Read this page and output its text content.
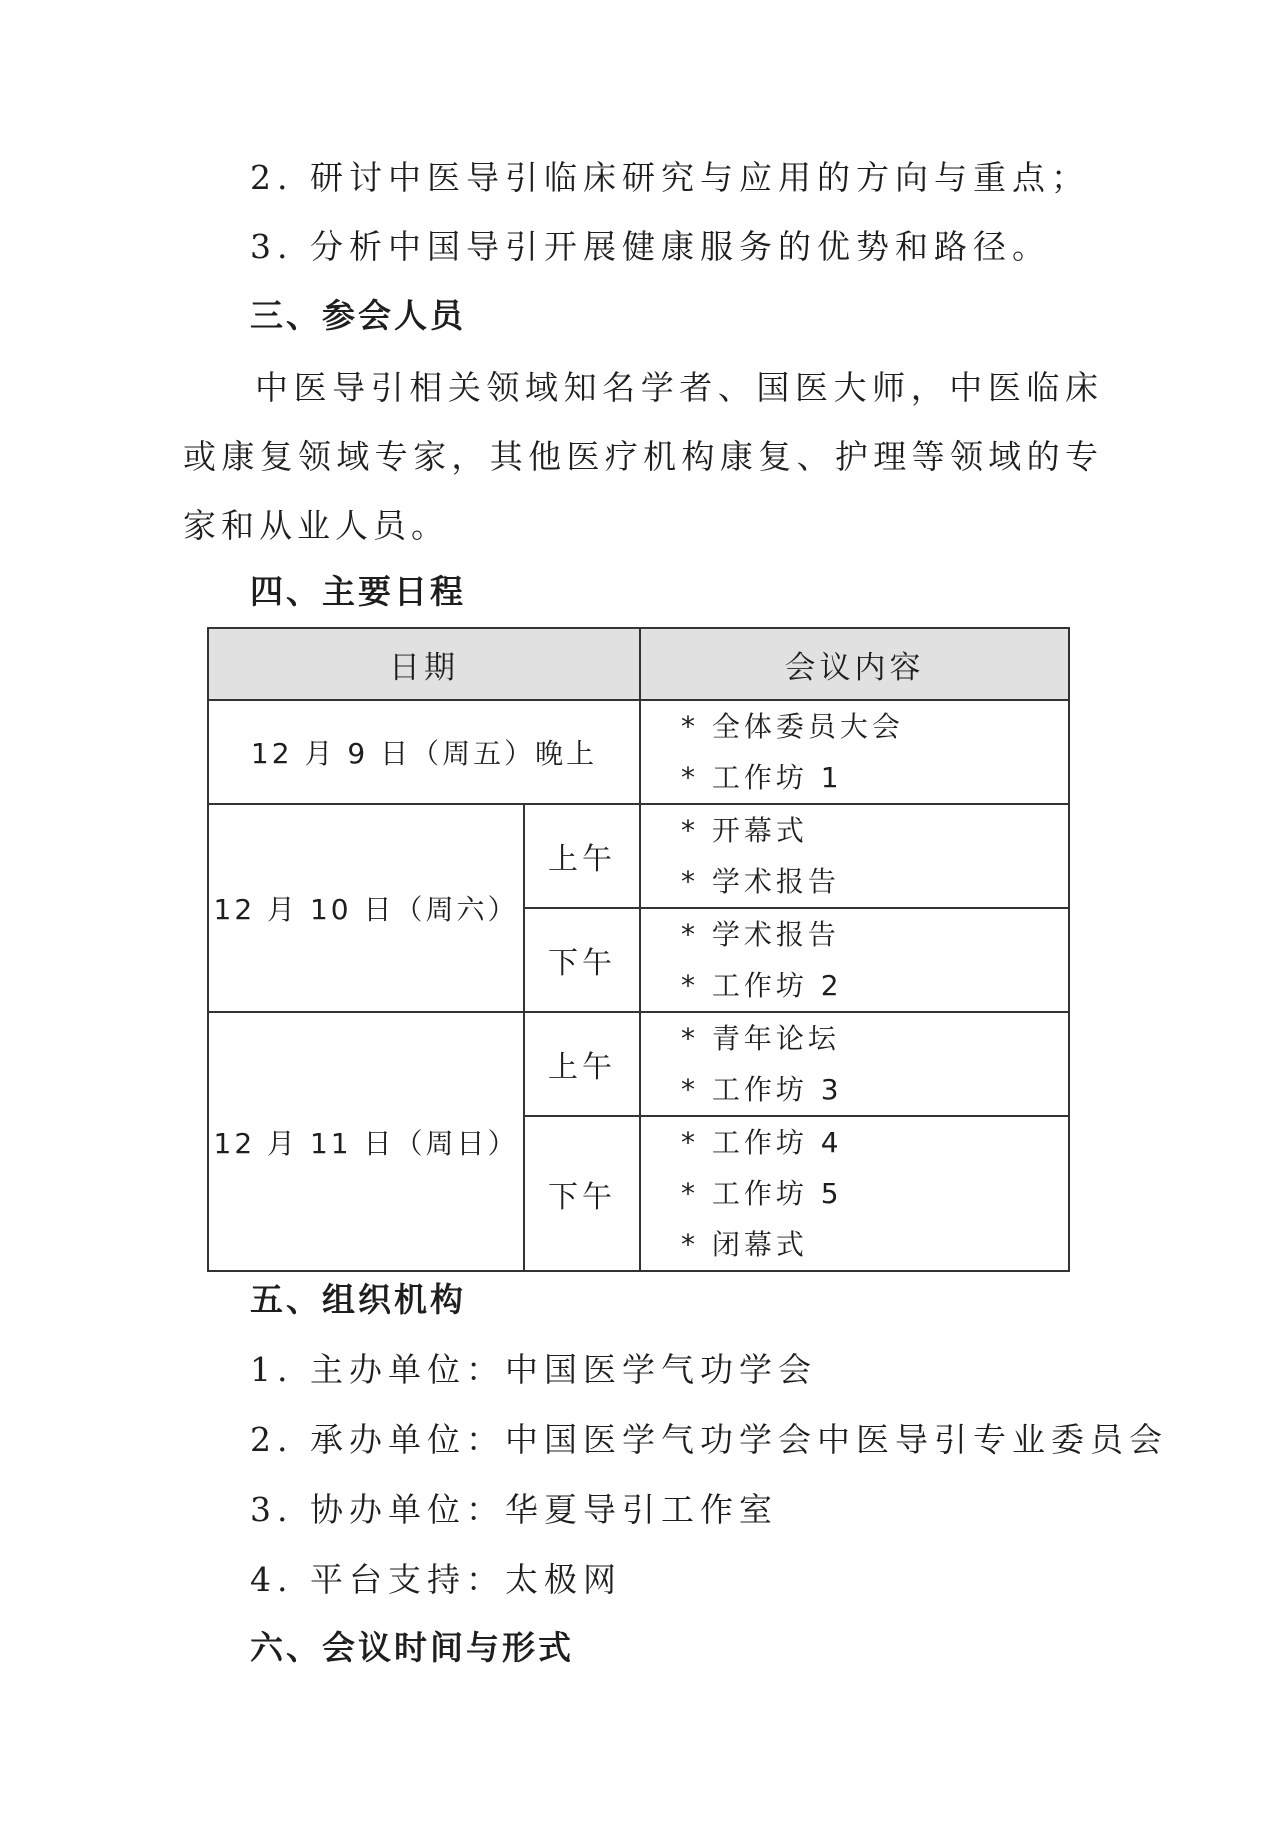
2. 研讨中医导引临床研究与应用的方向与重点；
3. 分析中国导引开展健康服务的优势和路径。
三、参会人员
中医导引相关领域知名学者、国医大师，中医临床或康复领域专家，其他医疗机构康复、护理等领域的专家和从业人员。
四、主要日程
日期		会议内容
12 月 9 日（周五）晚上		* 全体委员大会
* 工作坊 1

12 月 10 日（周六）	上午	* 开幕式
* 学术报告

	下午	* 学术报告
* 工作坊 2

12 月 11 日（周日）	上午	* 青年论坛
* 工作坊 3

	下午	* 工作坊 4
* 工作坊 5
* 闭幕式
五、组织机构
1. 主办单位：中国医学气功学会
2. 承办单位：中国医学气功学会中医导引专业委员会
3. 协办单位：华夏导引工作室
4. 平台支持：太极网
六、会议时间与形式
